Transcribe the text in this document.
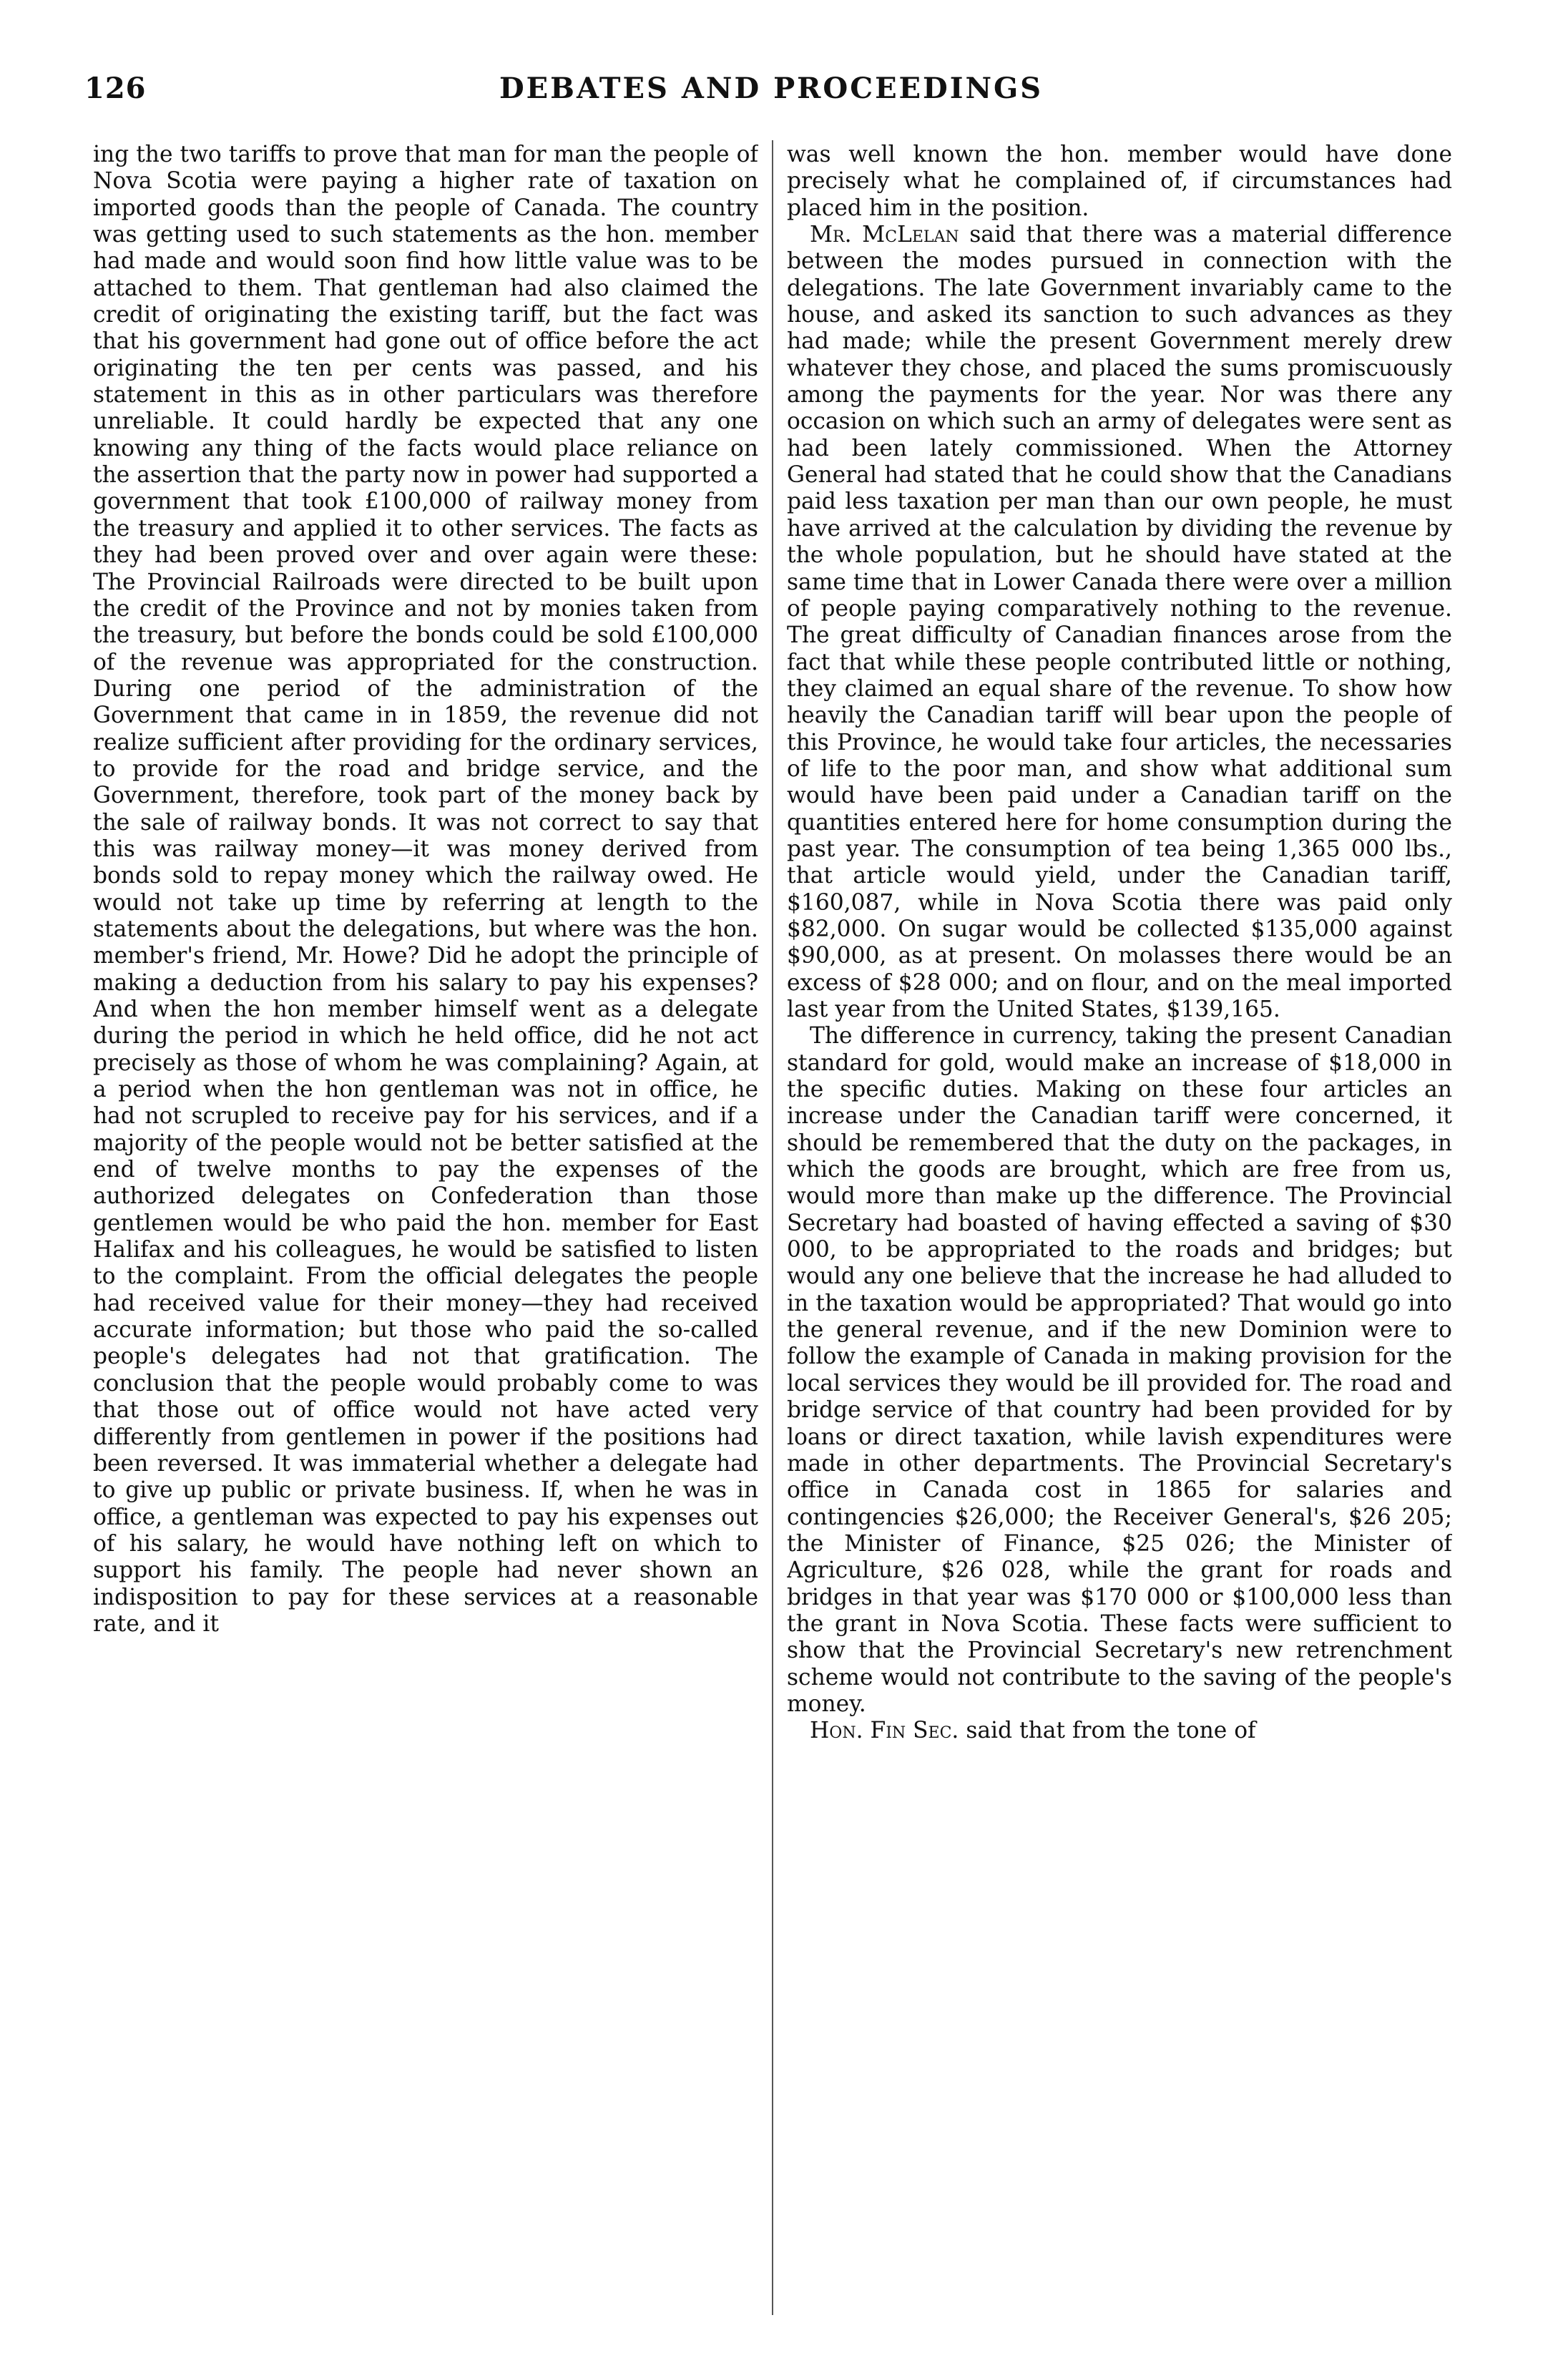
126	DEBATES AND PROCEEDINGS

ing the two tariffs to prove that man for man the people of Nova Scotia were paying a higher rate of taxation on imported goods than the people of Canada. The country was getting used to such statements as the hon. member had made and would soon find how little value was to be attached to them. That gentleman had also claimed the credit of originating the existing tariff, but the fact was that his government had gone out of office before the act originating the ten per cents was passed, and his statement in this as in other particulars was therefore unreliable. It could hardly be expected that any one knowing any thing of the facts would place reliance on the assertion that the party now in power had supported a government that took £100,000 of railway money from the treasury and applied it to other services. The facts as they had been proved over and over again were these: The Provincial Railroads were directed to be built upon the credit of the Province and not by monies taken from the treasury, but before the bonds could be sold £100,000 of the revenue was appropriated for the construction. During one period of the administration of the Government that came in in 1859, the revenue did not realize sufficient after providing for the ordinary services, to provide for the road and bridge service, and the Government, therefore, took part of the money back by the sale of railway bonds. It was not correct to say that this was railway money—it was money derived from bonds sold to repay money which the railway owed. He would not take up time by referring at length to the statements about the delegations, but where was the hon. member's friend, Mr. Howe? Did he adopt the principle of making a deduction from his salary to pay his expenses? And when the hon member himself went as a delegate during the period in which he held office, did he not act precisely as those of whom he was complaining? Again, at a period when the hon gentleman was not in office, he had not scrupled to receive pay for his services, and if a majority of the people would not be better satisfied at the end of twelve months to pay the expenses of the authorized delegates on Confederation than those gentlemen would be who paid the hon. member for East Halifax and his colleagues, he would be satisfied to listen to the complaint. From the official delegates the people had received value for their money—they had received accurate information; but those who paid the so-called people's delegates had not that gratification. The conclusion that the people would probably come to was that those out of office would not have acted very differently from gentlemen in power if the positions had been reversed. It was immaterial whether a delegate had to give up public or private business. If, when he was in office, a gentleman was expected to pay his expenses out of his salary, he would have nothing left on which to support his family. The people had never shown an indisposition to pay for these services at a reasonable rate, and it

was well known the hon. member would have done precisely what he complained of, if circumstances had placed him in the position.

Mr. McLelan said that there was a material difference between the modes pursued in connection with the delegations. The late Government invariably came to the house, and asked its sanction to such advances as they had made; while the present Government merely drew whatever they chose, and placed the sums promiscuously among the payments for the year. Nor was there any occasion on which such an army of delegates were sent as had been lately commissioned. When the Attorney General had stated that he could show that the Canadians paid less taxation per man than our own people, he must have arrived at the calculation by dividing the revenue by the whole population, but he should have stated at the same time that in Lower Canada there were over a million of people paying comparatively nothing to the revenue. The great difficulty of Canadian finances arose from the fact that while these people contributed little or nothing, they claimed an equal share of the revenue. To show how heavily the Canadian tariff will bear upon the people of this Province, he would take four articles, the necessaries of life to the poor man, and show what additional sum would have been paid under a Canadian tariff on the quantities entered here for home consumption during the past year. The consumption of tea being 1,365 000 lbs., that article would yield, under the Canadian tariff, $160,087, while in Nova Scotia there was paid only $82,000. On sugar would be collected $135,000 against $90,000, as at present. On molasses there would be an excess of $28 000; and on flour, and on the meal imported last year from the United States, $139,165.

The difference in currency, taking the present Canadian standard for gold, would make an increase of $18,000 in the specific duties. Making on these four articles an increase under the Canadian tariff were concerned, it should be remembered that the duty on the packages, in which the goods are brought, which are free from us, would more than make up the difference. The Provincial Secretary had boasted of having effected a saving of $30 000, to be appropriated to the roads and bridges; but would any one believe that the increase he had alluded to in the taxation would be appropriated? That would go into the general revenue, and if the new Dominion were to follow the example of Canada in making provision for the local services they would be ill provided for. The road and bridge service of that country had been provided for by loans or direct taxation, while lavish expenditures were made in other departments. The Provincial Secretary's office in Canada cost in 1865 for salaries and contingencies $26,000; the Receiver General's, $26 205; the Minister of Finance, $25 026; the Minister of Agriculture, $26 028, while the grant for roads and bridges in that year was $170 000 or $100,000 less than the grant in Nova Scotia. These facts were sufficient to show that the Provincial Secretary's new retrenchment scheme would not contribute to the saving of the people's money.

Hon. Fin Sec. said that from the tone of
